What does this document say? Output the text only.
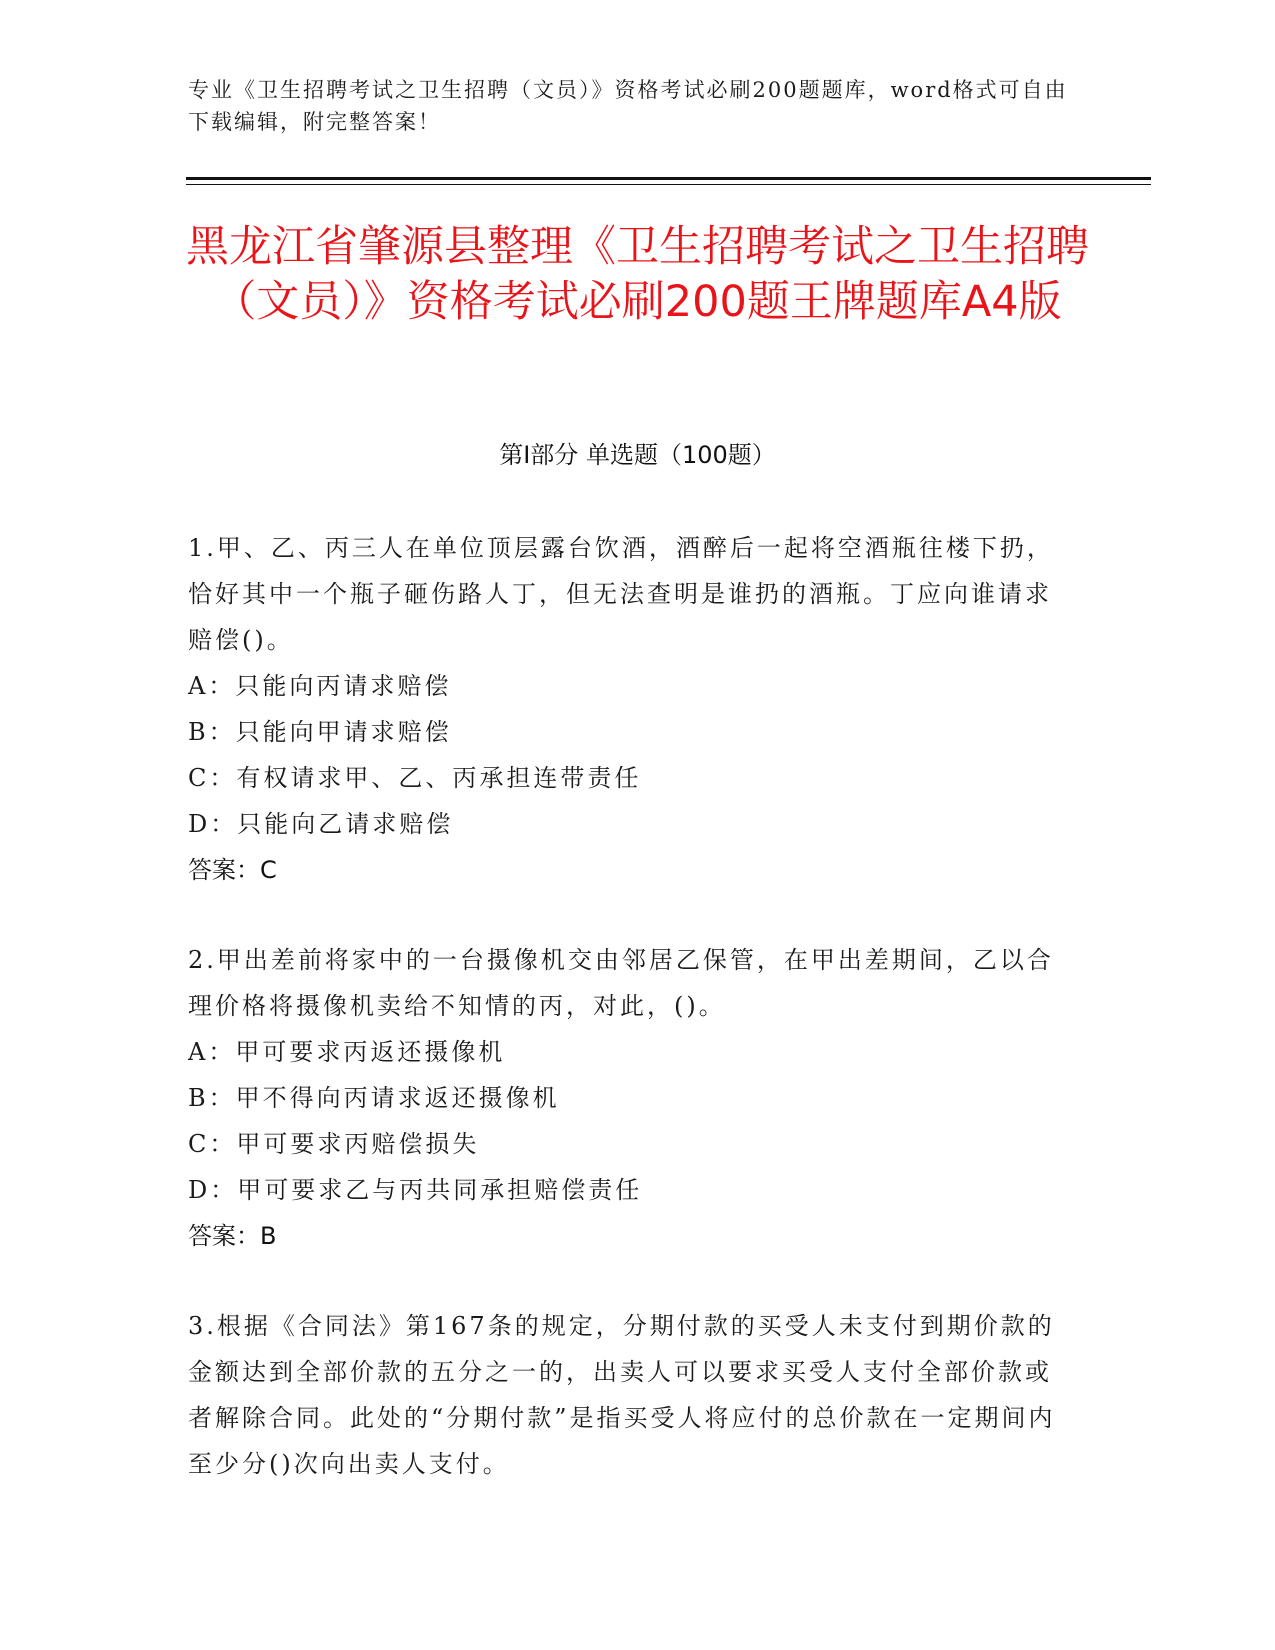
专业《卫生招聘考试之卫生招聘（文员）》资格考试必刷200题题库，word格式可自由下载编辑，附完整答案！
黑龙江省肇源县整理《卫生招聘考试之卫生招聘（文员）》资格考试必刷200题王牌题库A4版
第Ⅰ部分 单选题（100题）
1.甲、乙、丙三人在单位顶层露台饮酒，酒醉后一起将空酒瓶往楼下扔，恰好其中一个瓶子砸伤路人丁，但无法查明是谁扔的酒瓶。丁应向谁请求赔偿()。
A：只能向丙请求赔偿
B：只能向甲请求赔偿
C：有权请求甲、乙、丙承担连带责任
D：只能向乙请求赔偿
答案：C
2.甲出差前将家中的一台摄像机交由邻居乙保管，在甲出差期间，乙以合理价格将摄像机卖给不知情的丙，对此，()。
A：甲可要求丙返还摄像机
B：甲不得向丙请求返还摄像机
C：甲可要求丙赔偿损失
D：甲可要求乙与丙共同承担赔偿责任
答案：B
3.根据《合同法》第167条的规定，分期付款的买受人未支付到期价款的金额达到全部价款的五分之一的，出卖人可以要求买受人支付全部价款或者解除合同。此处的“分期付款”是指买受人将应付的总价款在一定期间内至少分()次向出卖人支付。
